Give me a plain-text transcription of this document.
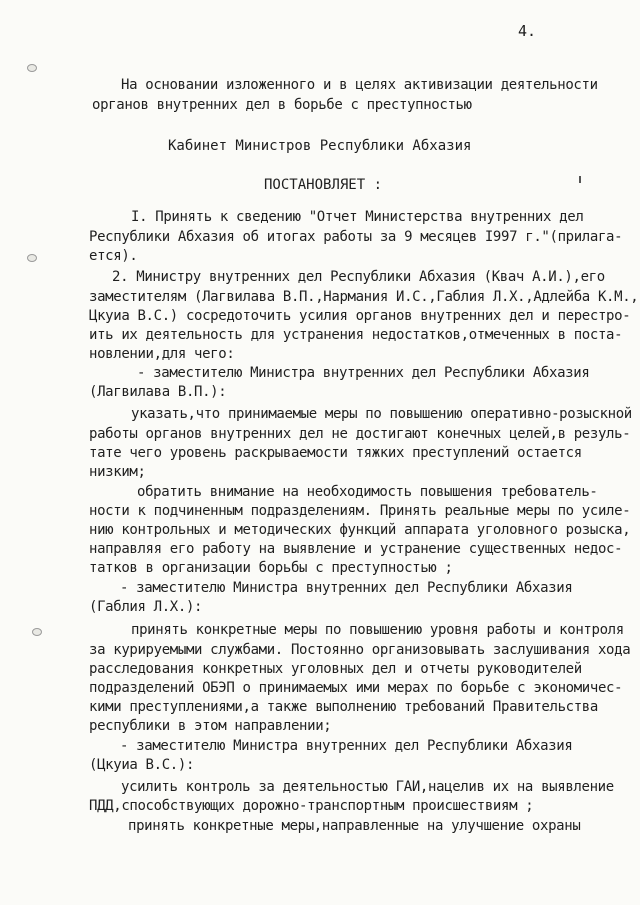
4.
На основании изложенного и в целях активизации деятельности
органов внутренних дел в борьбе с преступностью
Кабинет Министров Республики Абхазия
ПОСТАНОВЛЯЕТ :
I. Принять к сведению "Отчет Министерства внутренних дел
Республики Абхазия об итогах работы за 9 месяцев I997 г."(прилага-
ется).
2. Министру внутренних дел Республики Абхазия (Квач А.И.),его
заместителям (Лагвилава В.П.,Нармания И.С.,Габлия Л.Х.,Адлейба К.М.,
Цкуиа В.С.) сосредоточить усилия органов внутренних дел и перестро-
ить их деятельность для устранения недостатков,отмеченных в поста-
новлении,для чего:
- заместителю Министра внутренних дел Республики Абхазия
(Лагвилава В.П.):
указать,что принимаемые меры по повышению оперативно-розыскной
работы органов внутренних дел не достигают конечных целей,в резуль-
тате чего уровень раскрываемости тяжких преступлений остается
низким;
обратить внимание на необходимость повышения требователь-
ности к подчиненным подразделениям. Принять реальные меры по усиле-
нию контрольных и методических функций аппарата уголовного розыска,
направляя его работу на выявление и устранение существенных недос-
татков в организации борьбы с преступностью ;
- заместителю Министра внутренних дел Республики Абхазия
(Габлия Л.Х.):
принять конкретные меры по повышению уровня работы и контроля
за курируемыми службами. Постоянно организовывать заслушивания хода
расследования конкретных уголовных дел и отчеты руководителей
подразделений ОБЭП о принимаемых ими мерах по борьбе с экономичес-
кими преступлениями,а также выполнению требований Правительства
республики в этом направлении;
- заместителю Министра внутренних дел Республики Абхазия
(Цкуиа В.С.):
усилить контроль за деятельностью ГАИ,нацелив их на выявление
ПДД,способствующих дорожно-транспортным происшествиям ;
принять конкретные меры,направленные на улучшение охраны
